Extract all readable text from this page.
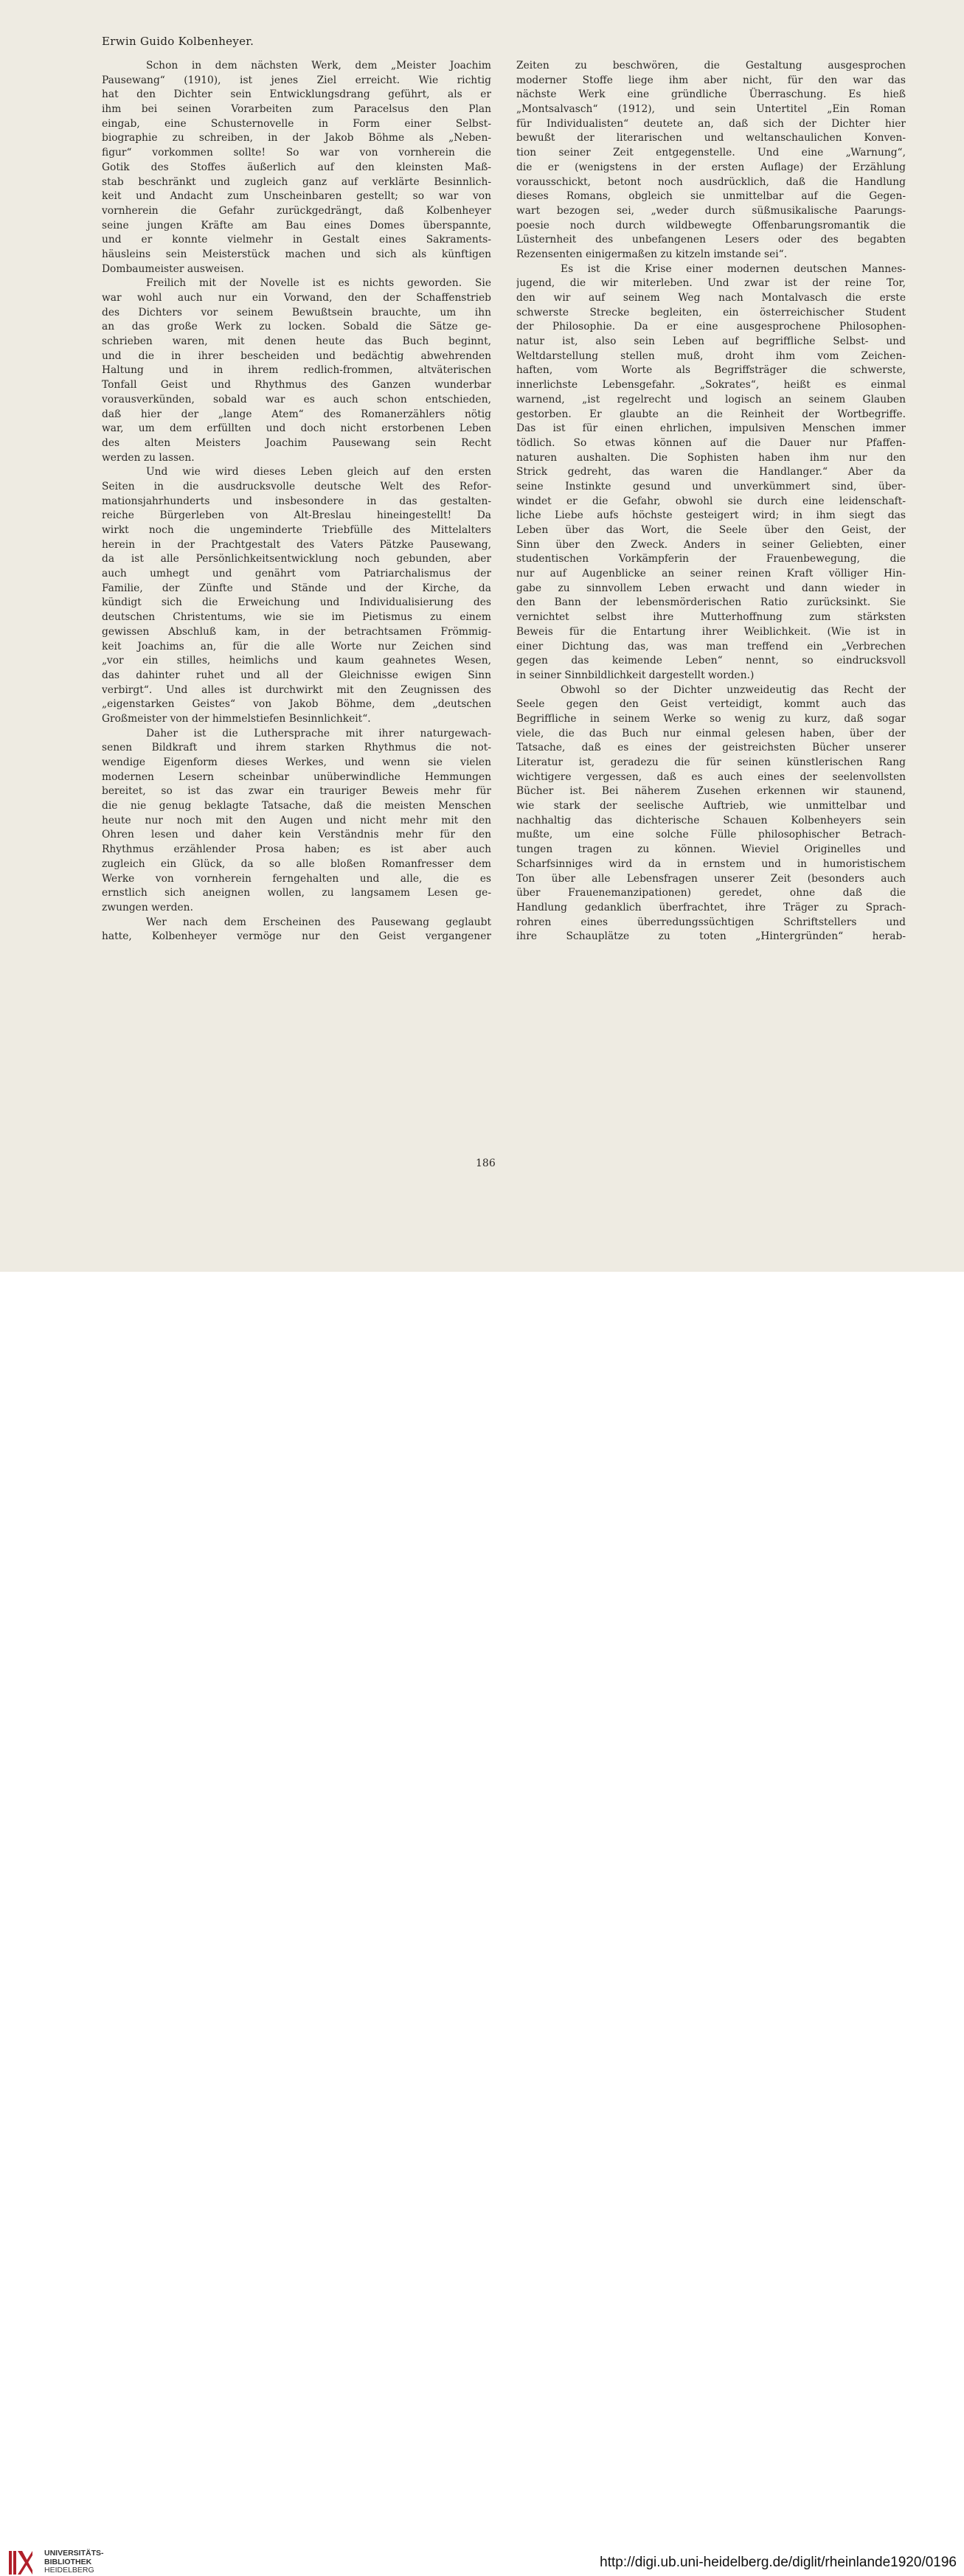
Erwin Guido Kolbenheyer.
Schon in dem nächsten Werk, dem „Meister Joachim
Pausewang“ (1910), ist jenes Ziel erreicht. Wie richtig
hat den Dichter sein Entwicklungsdrang geführt, als er
ihm bei seinen Vorarbeiten zum Paracelsus den Plan
eingab, eine Schusternovelle in Form einer Selbst-
biographie zu schreiben, in der Jakob Böhme als „Neben-
figur“ vorkommen sollte! So war von vornherein die
Gotik des Stoffes äußerlich auf den kleinsten Maß-
stab beschränkt und zugleich ganz auf verklärte Besinnlich-
keit und Andacht zum Unscheinbaren gestellt; so war von
vornherein die Gefahr zurückgedrängt, daß Kolbenheyer
seine jungen Kräfte am Bau eines Domes überspannte,
und er konnte vielmehr in Gestalt eines Sakraments-
häusleins sein Meisterstück machen und sich als künftigen
Dombaumeister ausweisen.
Freilich mit der Novelle ist es nichts geworden. Sie
war wohl auch nur ein Vorwand, den der Schaffenstrieb
des Dichters vor seinem Bewußtsein brauchte, um ihn
an das große Werk zu locken. Sobald die Sätze ge-
schrieben waren, mit denen heute das Buch beginnt,
und die in ihrer bescheiden und bedächtig abwehrenden
Haltung und in ihrem redlich-frommen, altväterischen
Tonfall Geist und Rhythmus des Ganzen wunderbar
vorausverkünden, sobald war es auch schon entschieden,
daß hier der „lange Atem“ des Romanerzählers nötig
war, um dem erfüllten und doch nicht erstorbenen Leben
des alten Meisters Joachim Pausewang sein Recht
werden zu lassen.
Und wie wird dieses Leben gleich auf den ersten
Seiten in die ausdrucksvolle deutsche Welt des Refor-
mationsjahrhunderts und insbesondere in das gestalten-
reiche Bürgerleben von Alt-Breslau hineingestellt! Da
wirkt noch die ungeminderte Triebfülle des Mittelalters
herein in der Prachtgestalt des Vaters Pätzke Pausewang,
da ist alle Persönlichkeitsentwicklung noch gebunden, aber
auch umhegt und genährt vom Patriarchalismus der
Familie, der Zünfte und Stände und der Kirche, da
kündigt sich die Erweichung und Individualisierung des
deutschen Christentums, wie sie im Pietismus zu einem
gewissen Abschluß kam, in der betrachtsamen Frömmig-
keit Joachims an, für die alle Worte nur Zeichen sind
„vor ein stilles, heimlichs und kaum geahnetes Wesen,
das dahinter ruhet und all der Gleichnisse ewigen Sinn
verbirgt“. Und alles ist durchwirkt mit den Zeugnissen des
„eigenstarken Geistes“ von Jakob Böhme, dem „deutschen
Großmeister von der himmelstiefen Besinnlichkeit“.
Daher ist die Luthersprache mit ihrer naturgewach-
senen Bildkraft und ihrem starken Rhythmus die not-
wendige Eigenform dieses Werkes, und wenn sie vielen
modernen Lesern scheinbar unüberwindliche Hemmungen
bereitet, so ist das zwar ein trauriger Beweis mehr für
die nie genug beklagte Tatsache, daß die meisten Menschen
heute nur noch mit den Augen und nicht mehr mit den
Ohren lesen und daher kein Verständnis mehr für den
Rhythmus erzählender Prosa haben; es ist aber auch
zugleich ein Glück, da so alle bloßen Romanfresser dem
Werke von vornherein ferngehalten und alle, die es
ernstlich sich aneignen wollen, zu langsamem Lesen ge-
zwungen werden.
Wer nach dem Erscheinen des Pausewang geglaubt
hatte, Kolbenheyer vermöge nur den Geist vergangener
Zeiten zu beschwören, die Gestaltung ausgesprochen
moderner Stoffe liege ihm aber nicht, für den war das
nächste Werk eine gründliche Überraschung. Es hieß
„Montsalvasch“ (1912), und sein Untertitel „Ein Roman
für Individualisten“ deutete an, daß sich der Dichter hier
bewußt der literarischen und weltanschaulichen Konven-
tion seiner Zeit entgegenstelle. Und eine „Warnung“,
die er (wenigstens in der ersten Auflage) der Erzählung
vorausschickt, betont noch ausdrücklich, daß die Handlung
dieses Romans, obgleich sie unmittelbar auf die Gegen-
wart bezogen sei, „weder durch süßmusikalische Paarungs-
poesie noch durch wildbewegte Offenbarungsromantik die
Lüsternheit des unbefangenen Lesers oder des begabten
Rezensenten einigermaßen zu kitzeln imstande sei“.
Es ist die Krise einer modernen deutschen Mannes-
jugend, die wir miterleben. Und zwar ist der reine Tor,
den wir auf seinem Weg nach Montalvasch die erste
schwerste Strecke begleiten, ein österreichischer Student
der Philosophie. Da er eine ausgesprochene Philosophen-
natur ist, also sein Leben auf begriffliche Selbst- und
Weltdarstellung stellen muß, droht ihm vom Zeichen-
haften, vom Worte als Begriffsträger die schwerste,
innerlichste Lebensgefahr. „Sokrates“, heißt es einmal
warnend, „ist regelrecht und logisch an seinem Glauben
gestorben. Er glaubte an die Reinheit der Wortbegriffe.
Das ist für einen ehrlichen, impulsiven Menschen immer
tödlich. So etwas können auf die Dauer nur Pfaffen-
naturen aushalten. Die Sophisten haben ihm nur den
Strick gedreht, das waren die Handlanger.“ Aber da
seine Instinkte gesund und unverkümmert sind, über-
windet er die Gefahr, obwohl sie durch eine leidenschaft-
liche Liebe aufs höchste gesteigert wird; in ihm siegt das
Leben über das Wort, die Seele über den Geist, der
Sinn über den Zweck. Anders in seiner Geliebten, einer
studentischen Vorkämpferin der Frauenbewegung, die
nur auf Augenblicke an seiner reinen Kraft völliger Hin-
gabe zu sinnvollem Leben erwacht und dann wieder in
den Bann der lebensmörderischen Ratio zurücksinkt. Sie
vernichtet selbst ihre Mutterhoffnung zum stärksten
Beweis für die Entartung ihrer Weiblichkeit. (Wie ist in
einer Dichtung das, was man treffend ein „Verbrechen
gegen das keimende Leben“ nennt, so eindrucksvoll
in seiner Sinnbildlichkeit dargestellt worden.)
Obwohl so der Dichter unzweideutig das Recht der
Seele gegen den Geist verteidigt, kommt auch das
Begriffliche in seinem Werke so wenig zu kurz, daß sogar
viele, die das Buch nur einmal gelesen haben, über der
Tatsache, daß es eines der geistreichsten Bücher unserer
Literatur ist, geradezu die für seinen künstlerischen Rang
wichtigere vergessen, daß es auch eines der seelenvollsten
Bücher ist. Bei näherem Zusehen erkennen wir staunend,
wie stark der seelische Auftrieb, wie unmittelbar und
nachhaltig das dichterische Schauen Kolbenheyers sein
mußte, um eine solche Fülle philosophischer Betrach-
tungen tragen zu können. Wieviel Originelles und
Scharfsinniges wird da in ernstem und in humoristischem
Ton über alle Lebensfragen unserer Zeit (besonders auch
über Frauenemanzipationen) geredet, ohne daß die
Handlung gedanklich überfrachtet, ihre Träger zu Sprach-
rohren eines überredungssüchtigen Schriftstellers und
ihre Schauplätze zu toten „Hintergründen“ herab-
186
UNIVERSITÄTS-
BIBLIOTHEK
HEIDELBERG	http://digi.ub.uni-heidelberg.de/diglit/rheinlande1920/0196
